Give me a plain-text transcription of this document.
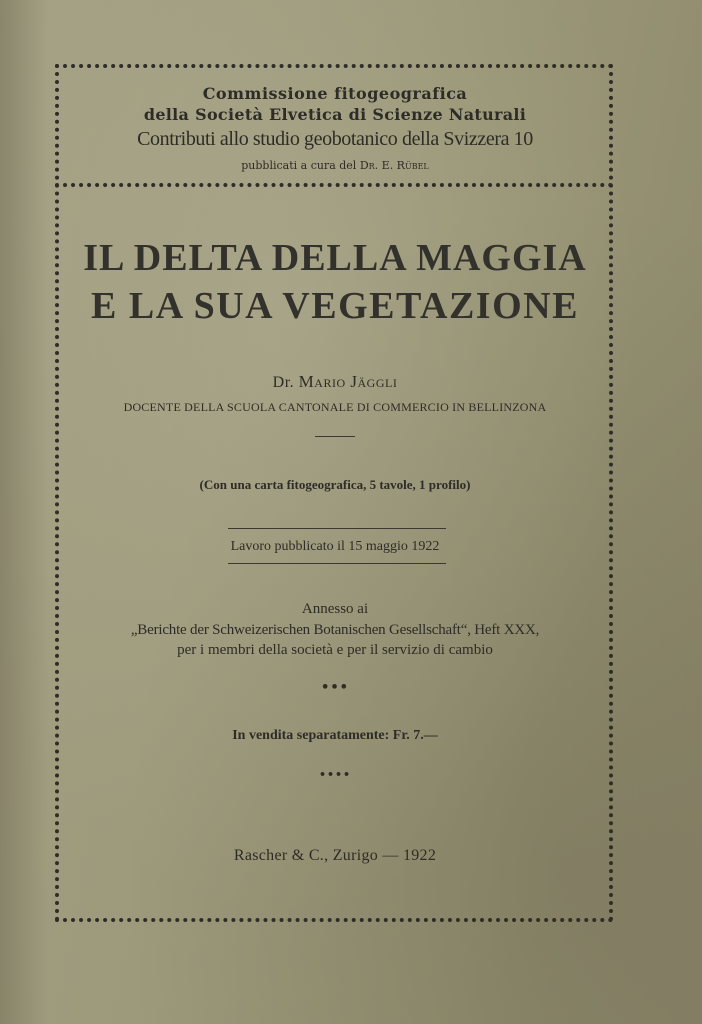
Commissione fitogeografica

della Società Elvetica di Scienze Naturali

Contributi allo studio geobotanico della Svizzera 10

pubblicati a cura del Dr. E. Rübel

IL DELTA DELLA MAGGIA
E LA SUA VEGETAZIONE

Dr. Mario Jäggli

DOCENTE DELLA SCUOLA CANTONALE DI COMMERCIO IN BELLINZONA

(Con una carta fitogeografica, 5 tavole, 1 profilo)

Lavoro pubblicato il 15 maggio 1922

Annesso ai

„Berichte der Schweizerischen Botanischen Gesellschaft“, Heft XXX,

per i membri della società e per il servizio di cambio

•••

In vendita separatamente: Fr. 7.—

••••

Rascher & C., Zurigo — 1922
